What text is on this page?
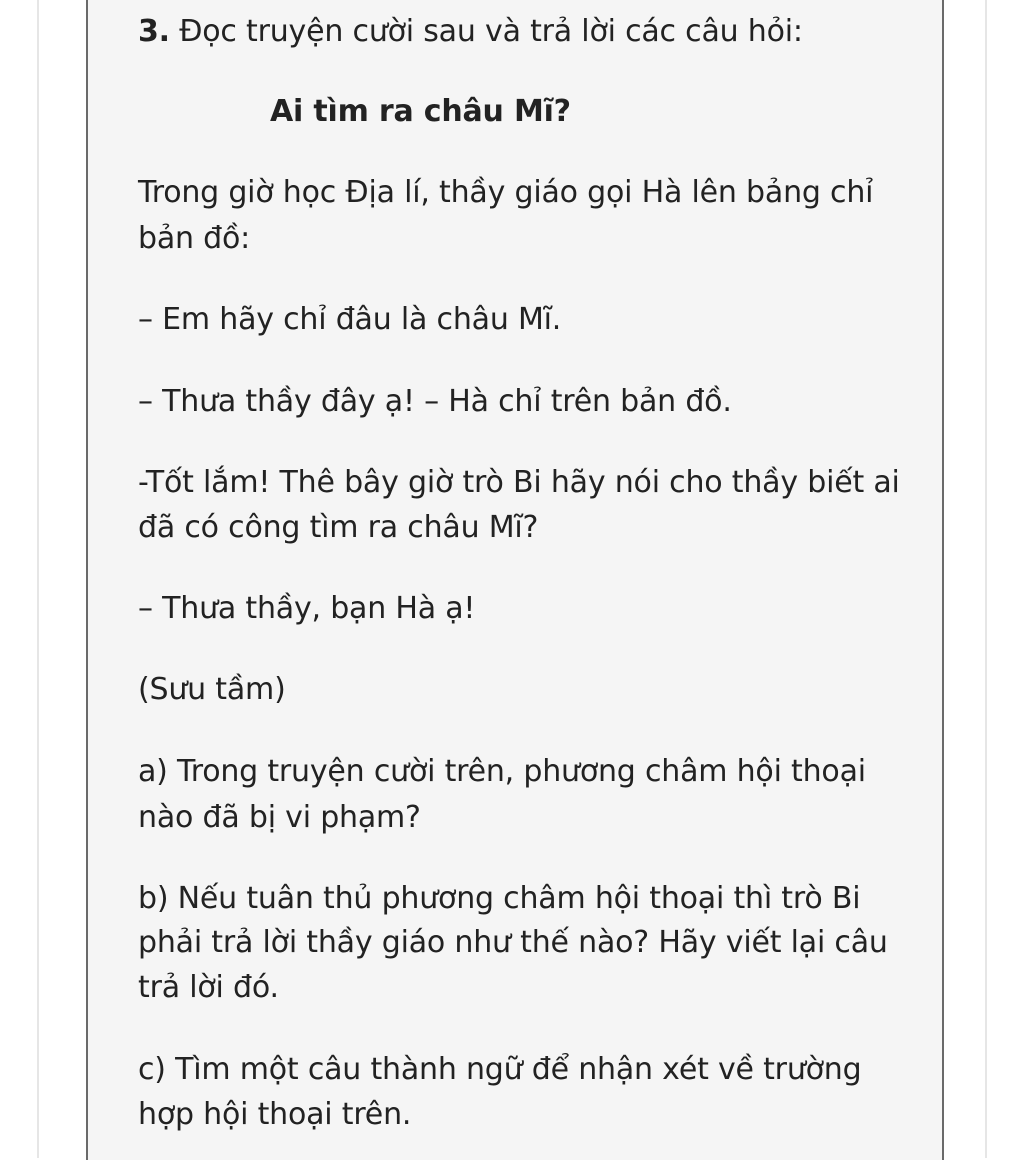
3. Đọc truyện cười sau và trả lời các câu hỏi:
Ai tìm ra châu Mĩ?
Trong giờ học Địa lí, thầy giáo gọi Hà lên bảng chỉ
bản đồ:
– Em hãy chỉ đâu là châu Mĩ.
– Thưa thầy đây ạ! – Hà chỉ trên bản đồ.
-Tốt lắm! Thê bây giờ trò Bi hãy nói cho thầy biết ai
đã có công tìm ra châu Mĩ?
– Thưa thầy, bạn Hà ạ!
(Sưu tầm)
a) Trong truyện cười trên, phương châm hội thoại
nào đã bị vi phạm?
b) Nếu tuân thủ phương châm hội thoại thì trò Bi
phải trả lời thầy giáo như thế nào? Hãy viết lại câu
trả lời đó.
c) Tìm một câu thành ngữ để nhận xét về trường
hợp hội thoại trên.
